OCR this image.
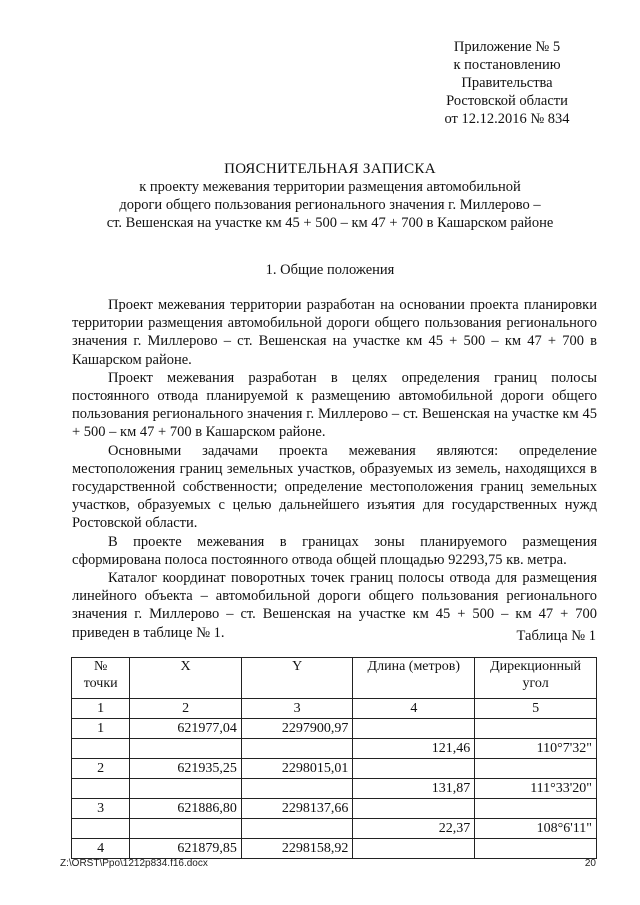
Приложение № 5
к постановлению
Правительства
Ростовской области
от 12.12.2016 № 834
ПОЯСНИТЕЛЬНАЯ ЗАПИСКА
к проекту межевания территории размещения автомобильной
дороги общего пользования регионального значения г. Миллерово –
ст. Вешенская на участке км 45 + 500 – км 47 + 700 в Кашарском районе
1. Общие положения

Проект межевания территории разработан на основании проекта планировки территории размещения автомобильной дороги общего пользования регионального значения г. Миллерово – ст. Вешенская на участке км 45 + 500 – км 47 + 700 в Кашарском районе.

Проект межевания разработан в целях определения границ полосы постоянного отвода планируемой к размещению автомобильной дороги общего пользования регионального значения г. Миллерово – ст. Вешенская на участке км 45 + 500 – км 47 + 700 в Кашарском районе.

Основными задачами проекта межевания являются: определение местоположения границ земельных участков, образуемых из земель, находящихся в государственной собственности; определение местоположения границ земельных участков, образуемых с целью дальнейшего изъятия для государственных нужд Ростовской области.

В проекте межевания в границах зоны планируемого размещения сформирована полоса постоянного отвода общей площадью 92293,75 кв. метра.

Каталог координат поворотных точек границ полосы отвода для размещения линейного объекта – автомобильной дороги общего пользования регионального значения г. Миллерово – ст. Вешенская на участке км 45 + 500 – км 47 + 700 приведен в таблице № 1.	Таблица № 1
№ точки	X	Y	Длина (метров)	Дирекционный угол
1	2	3	4	5
1	621977,04	2297900,97		
			121,46	110°7'32"
2	621935,25	2298015,01		
			131,87	111°33'20"
3	621886,80	2298137,66		
			22,37	108°6'11"
4	621879,85	2298158,92		
Z:\ORST\Ppo\1212p834.f16.docx	20
